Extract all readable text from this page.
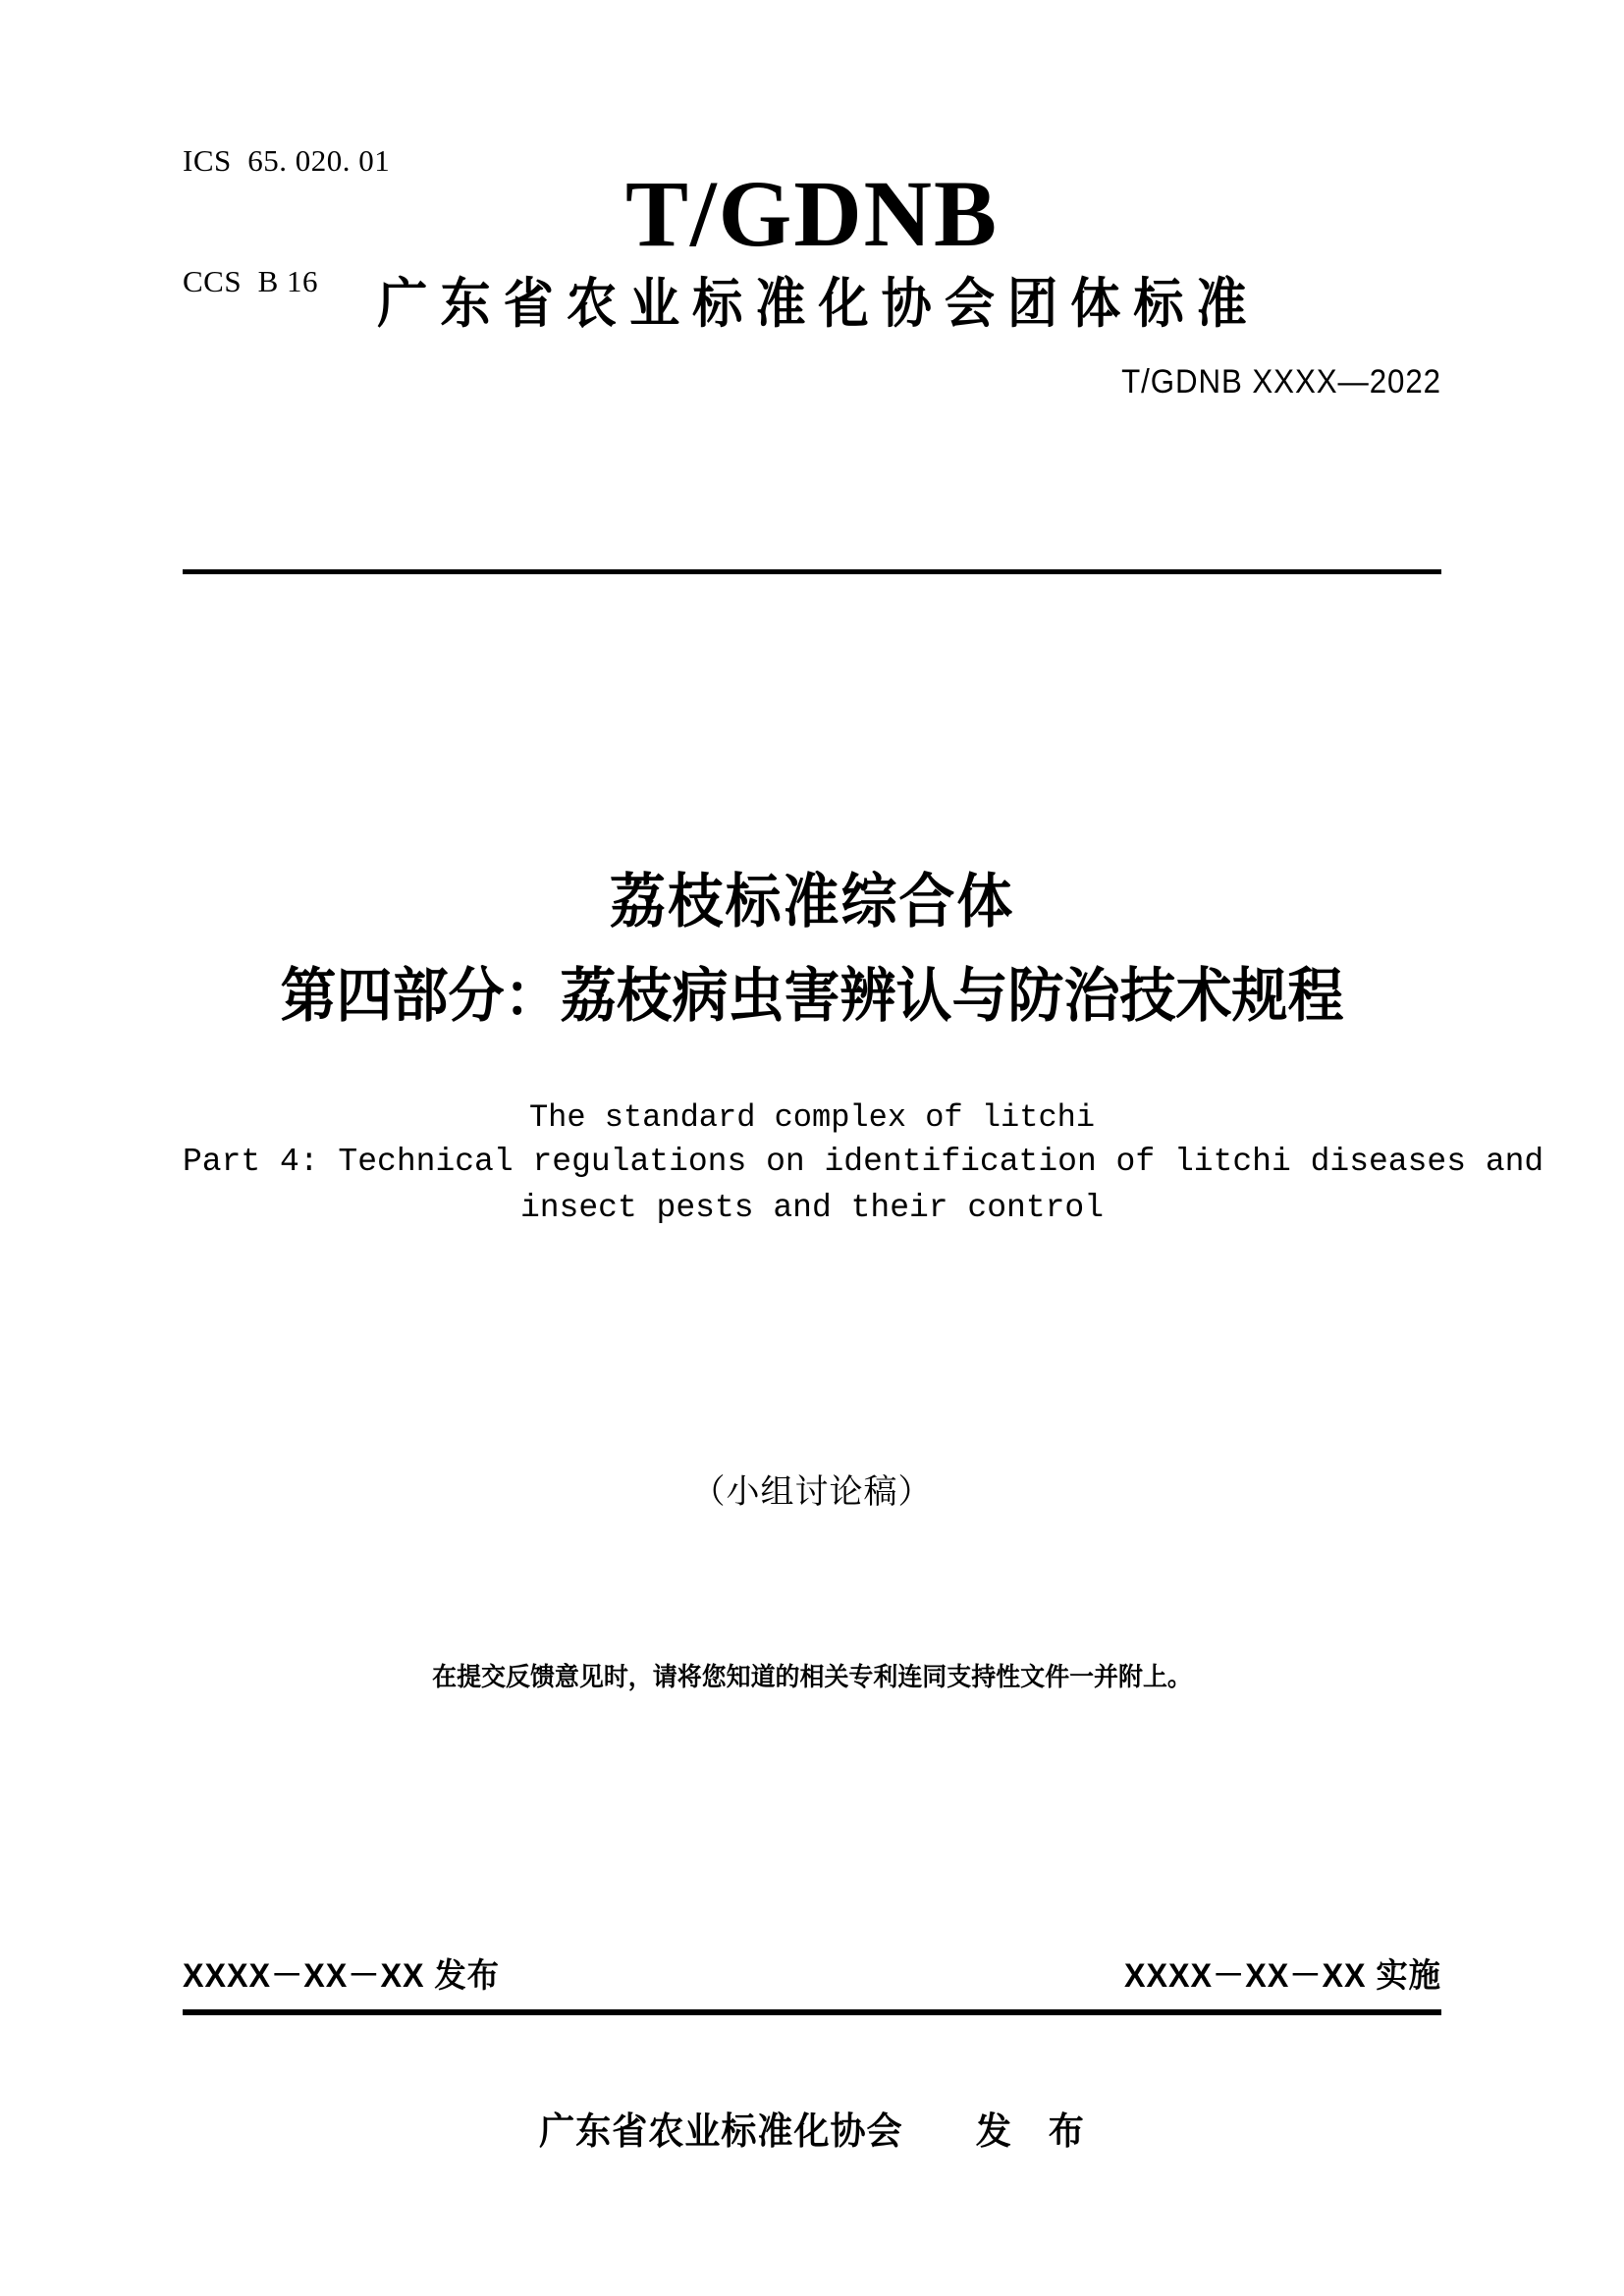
ICS  65. 020. 01

CCS  B 16

T/GDNB
广东省农业标准化协会团体标准
T/GDNB XXXX—2022
荔枝标准综合体
第四部分：荔枝病虫害辨认与防治技术规程
The standard complex of litchi
Part 4: Technical regulations on identification of litchi diseases and
insect pests and their control
（小组讨论稿）
在提交反馈意见时，请将您知道的相关专利连同支持性文件一并附上。
XXXX－XX－XX 发布	XXXX－XX－XX 实施
广东省农业标准化协会　　发　布
